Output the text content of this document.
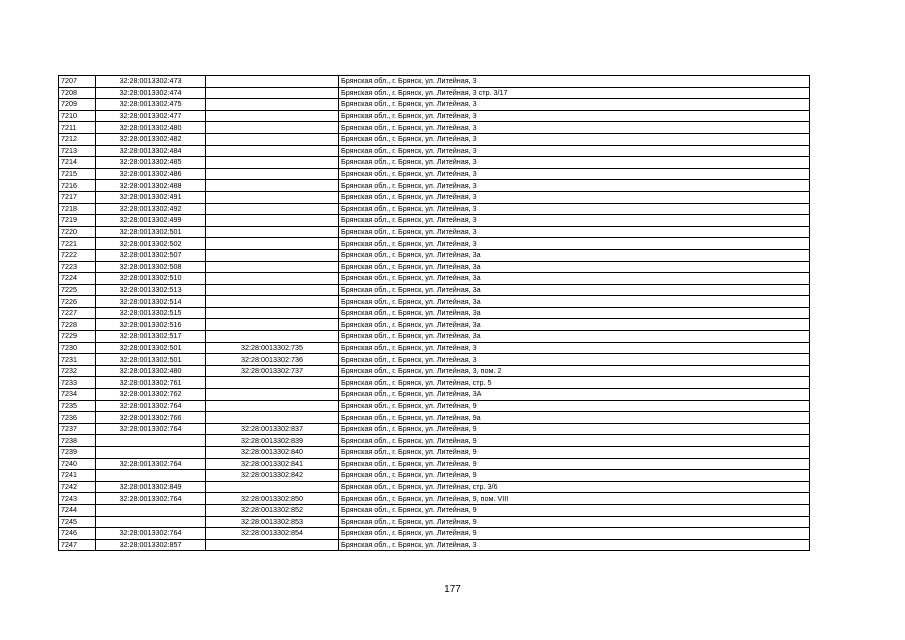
7207	32:28:0013302:473		Брянская обл., г. Брянск, ул. Литейная, 3
7208	32:28:0013302:474		Брянская обл., г. Брянск, ул. Литейная, 3 стр. 3/17
7209	32:28:0013302:475		Брянская обл., г. Брянск, ул. Литейная, 3
7210	32:28:0013302:477		Брянская обл., г. Брянск, ул. Литейная, 3
7211	32:28:0013302:480		Брянская обл., г. Брянск, ул. Литейная, 3
7212	32:28:0013302:482		Брянская обл., г. Брянск, ул. Литейная, 3
7213	32:28:0013302:484		Брянская обл., г. Брянск, ул. Литейная, 3
7214	32:28:0013302:485		Брянская обл., г. Брянск, ул. Литейная, 3
7215	32:28:0013302:486		Брянская обл., г. Брянск, ул. Литейная, 3
7216	32:28:0013302:488		Брянская обл., г. Брянск, ул. Литейная, 3
7217	32:28:0013302:491		Брянская обл., г. Брянск, ул. Литейная, 3
7218	32:28:0013302:492		Брянская обл., г. Брянск, ул. Литейная, 3
7219	32:28:0013302:499		Брянская обл., г. Брянск, ул. Литейная, 3
7220	32:28:0013302:501		Брянская обл., г. Брянск, ул. Литейная, 3
7221	32:28:0013302:502		Брянская обл., г. Брянск, ул. Литейная, 3
7222	32:28:0013302:507		Брянская обл., г. Брянск, ул. Литейная, 3а
7223	32:28:0013302:508		Брянская обл., г. Брянск, ул. Литейная, 3а
7224	32:28:0013302:510		Брянская обл., г. Брянск, ул. Литейная, 3а
7225	32:28:0013302:513		Брянская обл., г. Брянск, ул. Литейная, 3а
7226	32:28:0013302:514		Брянская обл., г. Брянск, ул. Литейная, 3а
7227	32:28:0013302:515		Брянская обл., г. Брянск, ул. Литейная, 3а
7228	32:28:0013302:516		Брянская обл., г. Брянск, ул. Литейная, 3а
7229	32:28:0013302:517		Брянская обл., г. Брянск, ул. Литейная, 3а
7230	32:28:0013302:501	32:28:0013302:735	Брянская обл., г. Брянск, ул. Литейная, 3
7231	32:28:0013302:501	32:28:0013302:736	Брянская обл., г. Брянск, ул. Литейная, 3
7232	32:28:0013302:480	32:28:0013302:737	Брянская обл., г. Брянск, ул. Литейная, 3, пом. 2
7233	32:28:0013302:761		Брянская обл., г. Брянск, ул. Литейная, стр. 5
7234	32:28:0013302:762		Брянская обл., г. Брянск, ул. Литейная, 3А
7235	32:28:0013302:764		Брянская обл., г. Брянск, ул. Литейная, 9
7236	32:28:0013302:766		Брянская обл., г. Брянск, ул. Литейная, 9а
7237	32:28:0013302:764	32:28:0013302:837	Брянская обл., г. Брянск, ул. Литейная, 9
7238		32:28:0013302:839	Брянская обл., г. Брянск, ул. Литейная, 9
7239		32:28:0013302:840	Брянская обл., г. Брянск, ул. Литейная, 9
7240	32:28:0013302:764	32:28:0013302:841	Брянская обл., г. Брянск, ул. Литейная, 9
7241		32:28:0013302:842	Брянская обл., г. Брянск, ул. Литейная, 9
7242	32:28:0013302:849		Брянская обл., г. Брянск, ул. Литейная, стр. 3/6
7243	32:28:0013302:764	32:28:0013302:850	Брянская обл., г. Брянск, ул. Литейная, 9, пом. VIII
7244		32:28:0013302:852	Брянская обл., г. Брянск, ул. Литейная, 9
7245		32:28:0013302:853	Брянская обл., г. Брянск, ул. Литейная, 9
7246	32:28:0013302:764	32:28:0013302:854	Брянская обл., г. Брянск, ул. Литейная, 9
7247	32:28:0013302:857		Брянская обл., г. Брянск, ул. Литейная, 3
177
